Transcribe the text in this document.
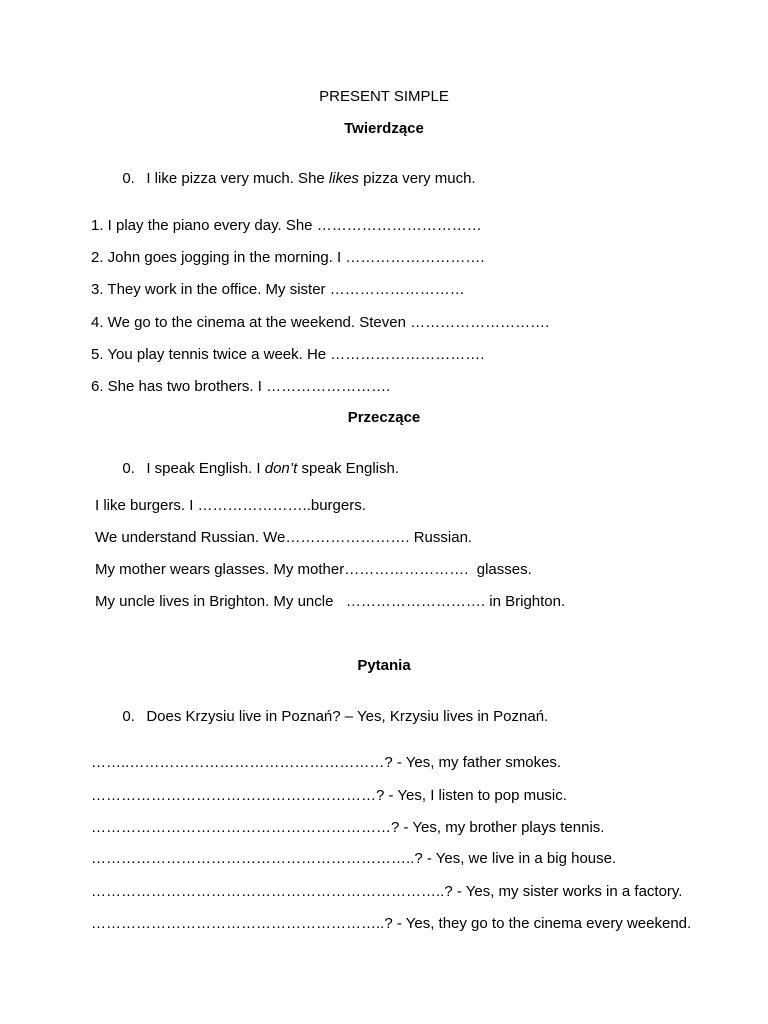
PRESENT SIMPLE
Twierdzące

0. I like pizza very much. She likes pizza very much.

1. I play the piano every day. She ……………………………
2. John goes jogging in the morning. I ……………………….
3. They work in the office. My sister ………………………
4. We go to the cinema at the weekend. Steven ……………………….
5. You play tennis twice a week. He ………………………….
6. She has two brothers. I …………………….
Przeczące

0. I speak English. I don’t speak English.

I like burgers. I …………………..burgers.
We understand Russian. We……………………. Russian.
My mother wears glasses. My mother…………………….  glasses.
My uncle lives in Brighton. My uncle   ………………………. in Brighton.
Pytania

0. Does Krzysiu live in Poznań? – Yes, Krzysiu lives in Poznań.

……..……………………………………………? - Yes, my father smokes.
…………………………………………………? - Yes, I listen to pop music.
……………………………………………………? - Yes, my brother plays tennis.
………………………………………………………..? - Yes, we live in a big house.
……………………………………………………………..? - Yes, my sister works in a factory.
…………………………………………………..? - Yes, they go to the cinema every weekend.
